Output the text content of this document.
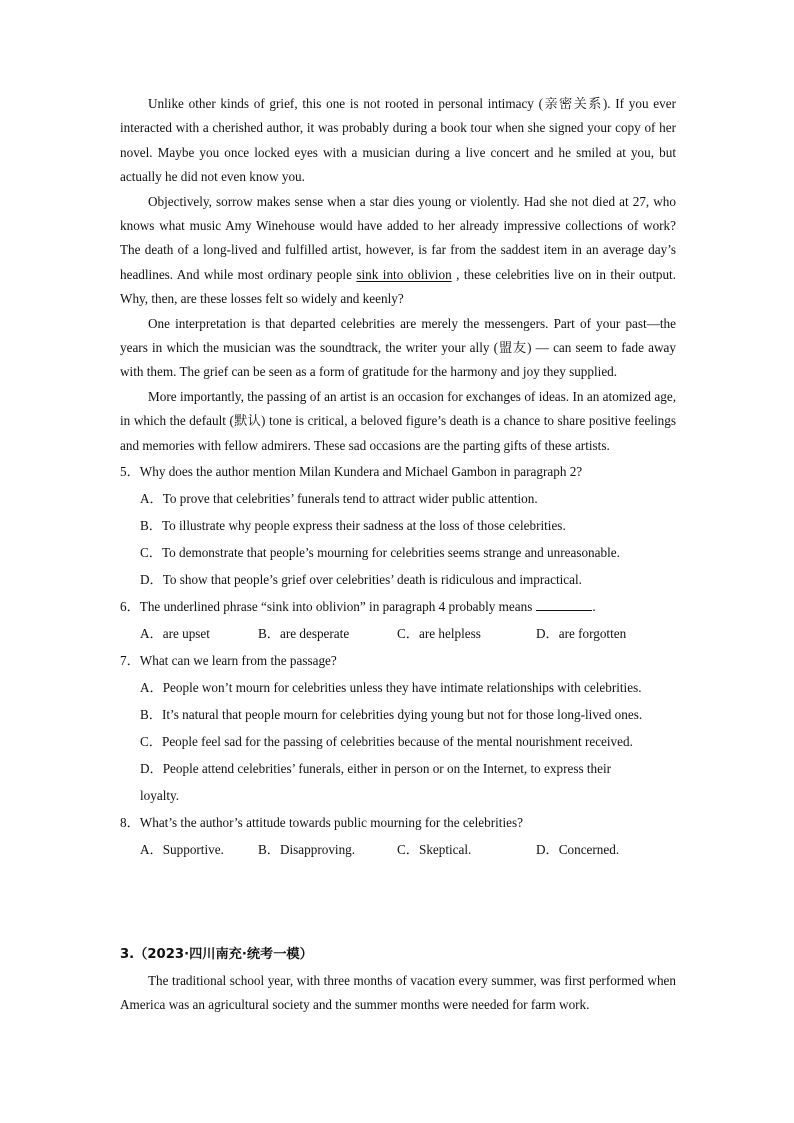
Unlike other kinds of grief, this one is not rooted in personal intimacy (亲密关系). If you ever interacted with a cherished author, it was probably during a book tour when she signed your copy of her novel. Maybe you once locked eyes with a musician during a live concert and he smiled at you, but actually he did not even know you.

Objectively, sorrow makes sense when a star dies young or violently. Had she not died at 27, who knows what music Amy Winehouse would have added to her already impressive collections of work? The death of a long-lived and fulfilled artist, however, is far from the saddest item in an average day’s headlines. And while most ordinary people sink into oblivion , these celebrities live on in their output. Why, then, are these losses felt so widely and keenly?

One interpretation is that departed celebrities are merely the messengers. Part of your past—the years in which the musician was the soundtrack, the writer your ally (盟友) — can seem to fade away with them. The grief can be seen as a form of gratitude for the harmony and joy they supplied.

More importantly, the passing of an artist is an occasion for exchanges of ideas. In an atomized age, in which the default (默认) tone is critical, a beloved figure’s death is a chance to share positive feelings and memories with fellow admirers. These sad occasions are the parting gifts of these artists.

5．Why does the author mention Milan Kundera and Michael Gambon in paragraph 2?

A．To prove that celebrities’ funerals tend to attract wider public attention.

B．To illustrate why people express their sadness at the loss of those celebrities.

C．To demonstrate that people’s mourning for celebrities seems strange and unreasonable.

D．To show that people’s grief over celebrities’ death is ridiculous and impractical.

6．The underlined phrase “sink into oblivion” in paragraph 4 probably means	.

A．are upset	B．are desperate	C．are helpless	D．are forgotten

7．What can we learn from the passage?

A．People won’t mourn for celebrities unless they have intimate relationships with celebrities.

B．It’s natural that people mourn for celebrities dying young but not for those long-lived ones.

C．People feel sad for the passing of celebrities because of the mental nourishment received.

D．People attend celebrities’ funerals, either in person or on the Internet, to express their

loyalty.

8．What’s the author’s attitude towards public mourning for the celebrities?

A．Supportive.	B．Disapproving.	C．Skeptical.	D．Concerned.

3.（2023·四川南充·统考一模）

The traditional school year, with three months of vacation every summer, was first performed when America was an agricultural society and the summer months were needed for farm work.
